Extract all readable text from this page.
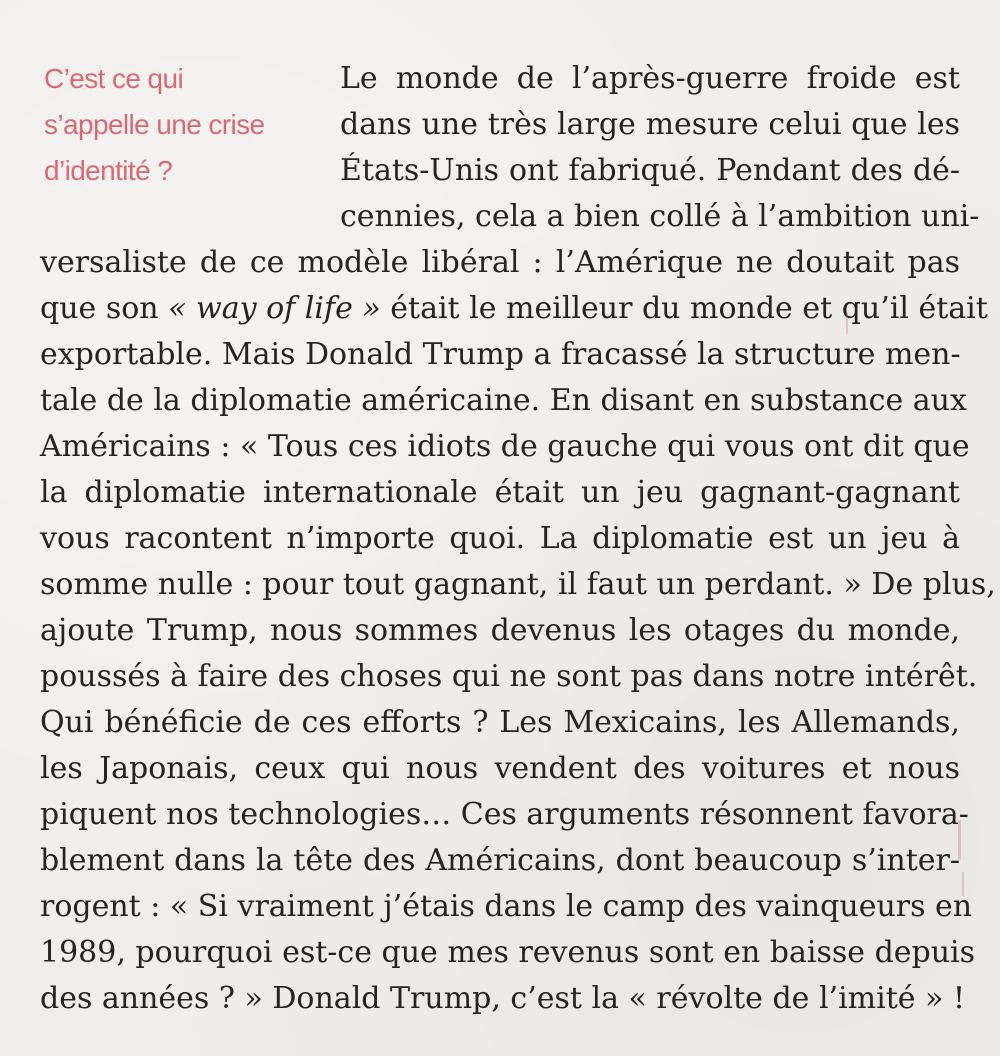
C’est ce qui
s’appelle une crise
d’identité ?
Le monde de l’après-guerre froide est
dans une très large mesure celui que les
États-Unis ont fabriqué. Pendant des dé-
cennies, cela a bien collé à l’ambition uni-
versaliste de ce modèle libéral : l’Amérique ne doutait pas
que son « way of life » était le meilleur du monde et qu’il était
exportable. Mais Donald Trump a fracassé la structure men-
tale de la diplomatie américaine. En disant en substance aux
Américains : « Tous ces idiots de gauche qui vous ont dit que
la diplomatie internationale était un jeu gagnant-gagnant
vous racontent n’importe quoi. La diplomatie est un jeu à
somme nulle : pour tout gagnant, il faut un perdant. » De plus,
ajoute Trump, nous sommes devenus les otages du monde,
poussés à faire des choses qui ne sont pas dans notre intérêt.
Qui bénéficie de ces efforts ? Les Mexicains, les Allemands,
les Japonais, ceux qui nous vendent des voitures et nous
piquent nos technologies… Ces arguments résonnent favora-
blement dans la tête des Américains, dont beaucoup s’inter-
rogent : « Si vraiment j’étais dans le camp des vainqueurs en
1989, pourquoi est-ce que mes revenus sont en baisse depuis
des années ? » Donald Trump, c’est la « révolte de l’imité » !
